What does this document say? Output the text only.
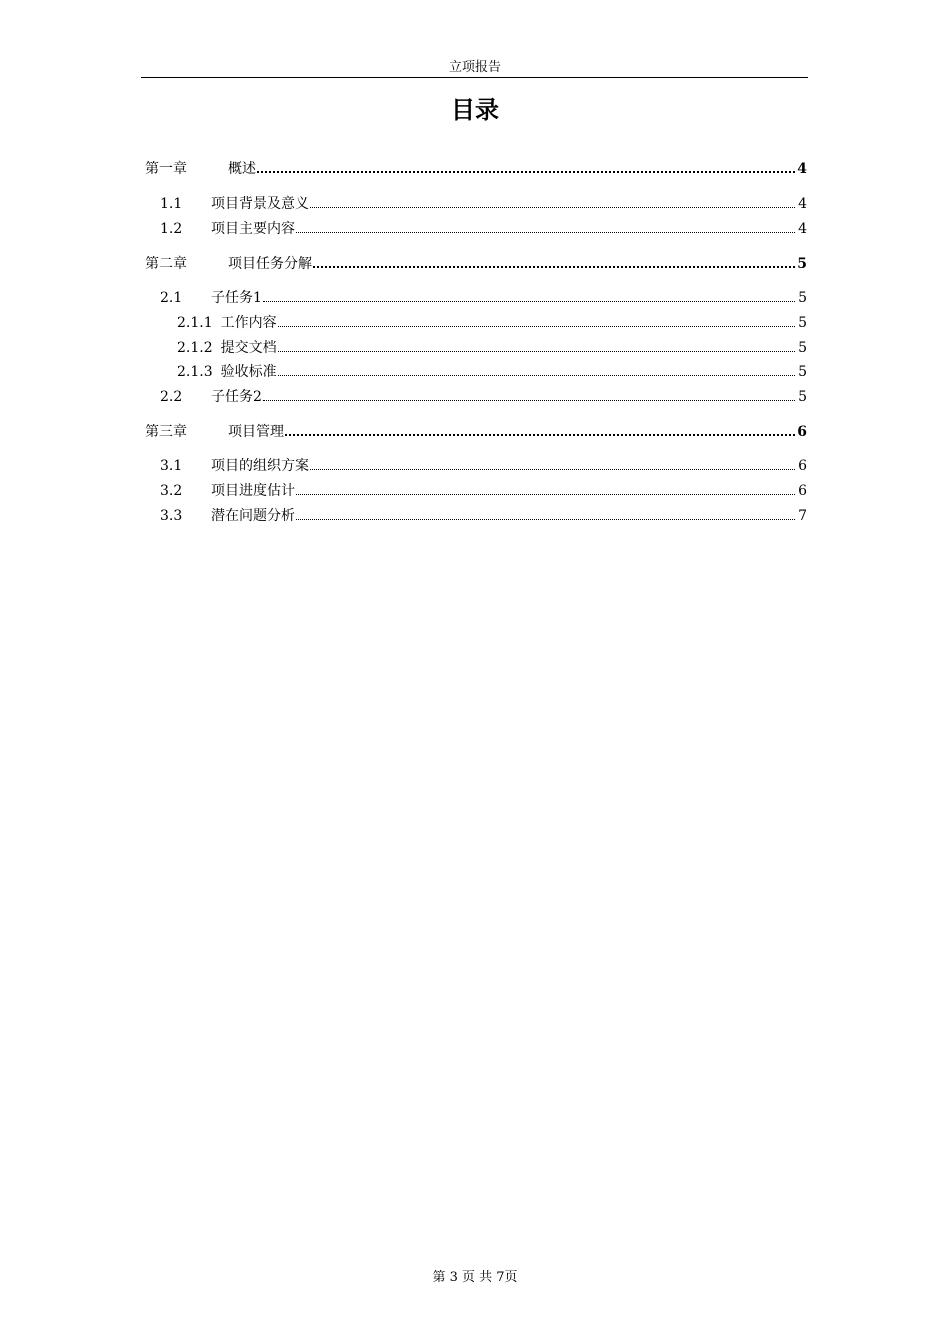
立项报告
目录
第一章	概述	4
1.1	项目背景及意义	4
1.2	项目主要内容	4
第二章	项目任务分解	5
2.1	子任务1	5
2.1.1 工作内容	5
2.1.2 提交文档	5
2.1.3 验收标准	5
2.2	子任务2	5
第三章	项目管理	6
3.1	项目的组织方案	6
3.2	项目进度估计	6
3.3	潜在问题分析	7
第 3 页 共 7页
